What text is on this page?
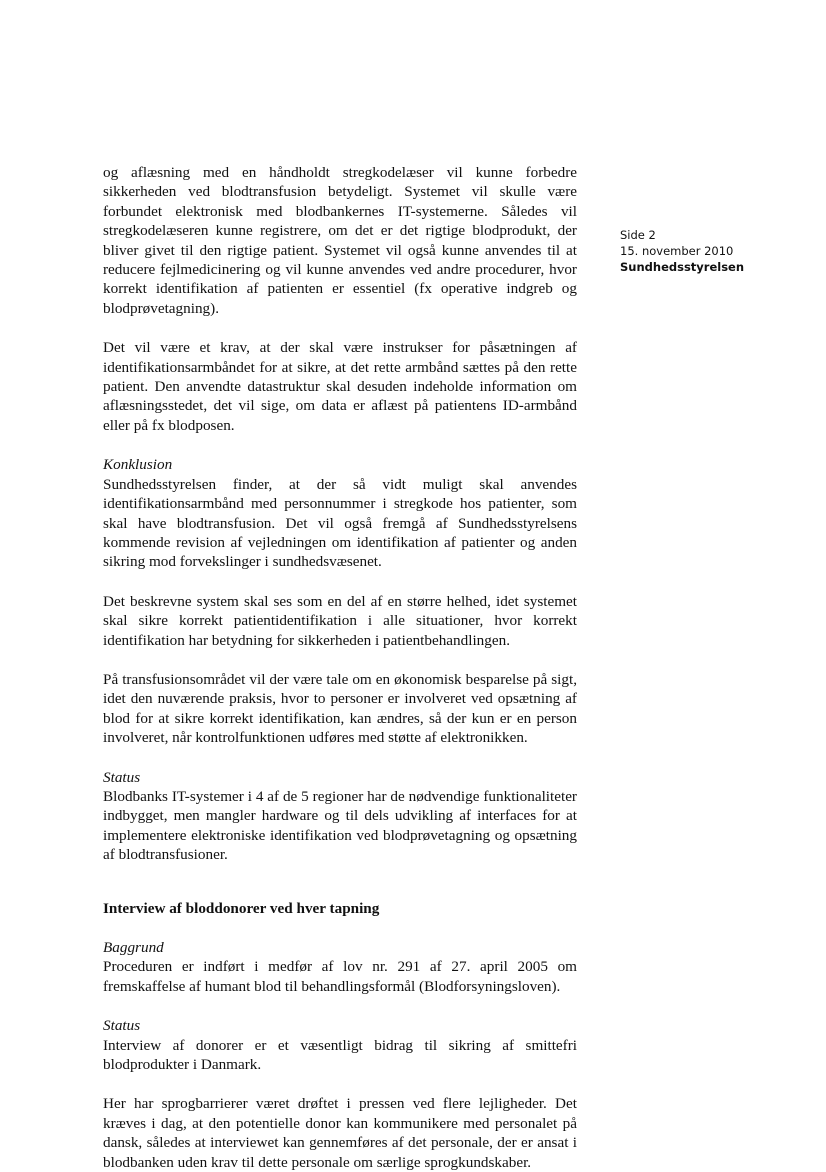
og aflæsning med en håndholdt stregkodelæser vil kunne forbedre sikkerheden ved blodtransfusion betydeligt. Systemet vil skulle være forbundet elektronisk med blodbankernes IT-systemerne. Således vil stregkodelæseren kunne registrere, om det er det rigtige blodprodukt, der bliver givet til den rigtige patient. Systemet vil også kunne anvendes til at reducere fejlmedicinering og vil kunne anvendes ved andre procedurer, hvor korrekt identifikation af patienten er essentiel (fx operative indgreb og blodprøvetagning).

Det vil være et krav, at der skal være instrukser for påsætningen af identifikationsarmbåndet for at sikre, at det rette armbånd sættes på den rette patient. Den anvendte datastruktur skal desuden indeholde information om aflæsningsstedet, det vil sige, om data er aflæst på patientens ID-armbånd eller på fx blodposen.

Konklusion

Sundhedsstyrelsen finder, at der så vidt muligt skal anvendes identifikationsarmbånd med personnummer i stregkode hos patienter, som skal have blodtransfusion. Det vil også fremgå af Sundhedsstyrelsens kommende revision af vejledningen om identifikation af patienter og anden sikring mod forvekslinger i sundhedsvæsenet.

Det beskrevne system skal ses som en del af en større helhed, idet systemet skal sikre korrekt patientidentifikation i alle situationer, hvor korrekt identifikation har betydning for sikkerheden i patientbehandlingen.

På transfusionsområdet vil der være tale om en økonomisk besparelse på sigt, idet den nuværende praksis, hvor to personer er involveret ved opsætning af blod for at sikre korrekt identifikation, kan ændres, så der kun er en person involveret, når kontrolfunktionen udføres med støtte af elektronikken.

Status

Blodbanks IT-systemer i 4 af de 5 regioner har de nødvendige funktionaliteter indbygget, men mangler hardware og til dels udvikling af interfaces for at implementere elektroniske identifikation ved blodprøvetagning og opsætning af blodtransfusioner.

Interview af bloddonorer ved hver tapning

Baggrund

Proceduren er indført i medfør af lov nr. 291 af 27. april 2005 om fremskaffelse af humant blod til behandlingsformål (Blodforsyningsloven).

Status

Interview af donorer er et væsentligt bidrag til sikring af smittefri blodprodukter i Danmark.

Her har sprogbarrierer været drøftet i pressen ved flere lejligheder. Det kræves i dag, at den potentielle donor kan kommunikere med personalet på dansk, således at interviewet kan gennemføres af det personale, der er ansat i blodbanken uden krav til dette personale om særlige sprogkundskaber.

Side 2
15. november 2010
Sundhedsstyrelsen
